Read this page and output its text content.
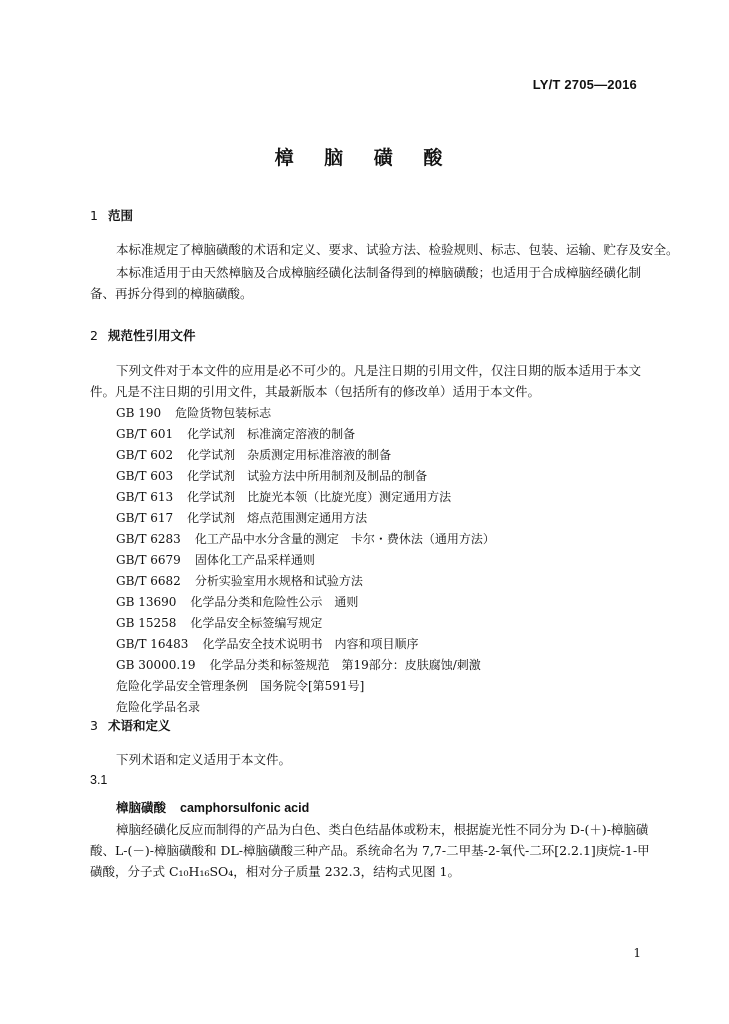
LY/T 2705—2016
樟 脑 磺 酸
1 范围
本标准规定了樟脑磺酸的术语和定义、要求、试验方法、检验规则、标志、包装、运输、贮存及安全。
本标准适用于由天然樟脑及合成樟脑经磺化法制备得到的樟脑磺酸；也适用于合成樟脑经磺化制
备、再拆分得到的樟脑磺酸。
2 规范性引用文件
下列文件对于本文件的应用是必不可少的。凡是注日期的引用文件，仅注日期的版本适用于本文
件。凡是不注日期的引用文件，其最新版本（包括所有的修改单）适用于本文件。
GB 190 危险货物包装标志
GB/T 601 化学试剂　标准滴定溶液的制备
GB/T 602 化学试剂　杂质测定用标准溶液的制备
GB/T 603 化学试剂　试验方法中所用制剂及制品的制备
GB/T 613 化学试剂　比旋光本领（比旋光度）测定通用方法
GB/T 617 化学试剂　熔点范围测定通用方法
GB/T 6283 化工产品中水分含量的测定　卡尔・费休法（通用方法）
GB/T 6679 固体化工产品采样通则
GB/T 6682 分析实验室用水规格和试验方法
GB 13690 化学品分类和危险性公示　通则
GB 15258 化学品安全标签编写规定
GB/T 16483 化学品安全技术说明书　内容和项目顺序
GB 30000.19 化学品分类和标签规范　第19部分：皮肤腐蚀/刺激
危险化学品安全管理条例　国务院令[第591号]
危险化学品名录
3 术语和定义
下列术语和定义适用于本文件。
3.1
樟脑磺酸 camphorsulfonic acid
樟脑经磺化反应而制得的产品为白色、类白色结晶体或粉末，根据旋光性不同分为 D-(＋)-樟脑磺
酸、L-(－)-樟脑磺酸和 DL-樟脑磺酸三种产品。系统命名为 7,7-二甲基-2-氧代-二环[2.2.1]庚烷-1-甲
磺酸，分子式 C₁₀H₁₆SO₄，相对分子质量 232.3，结构式见图 1。
1
